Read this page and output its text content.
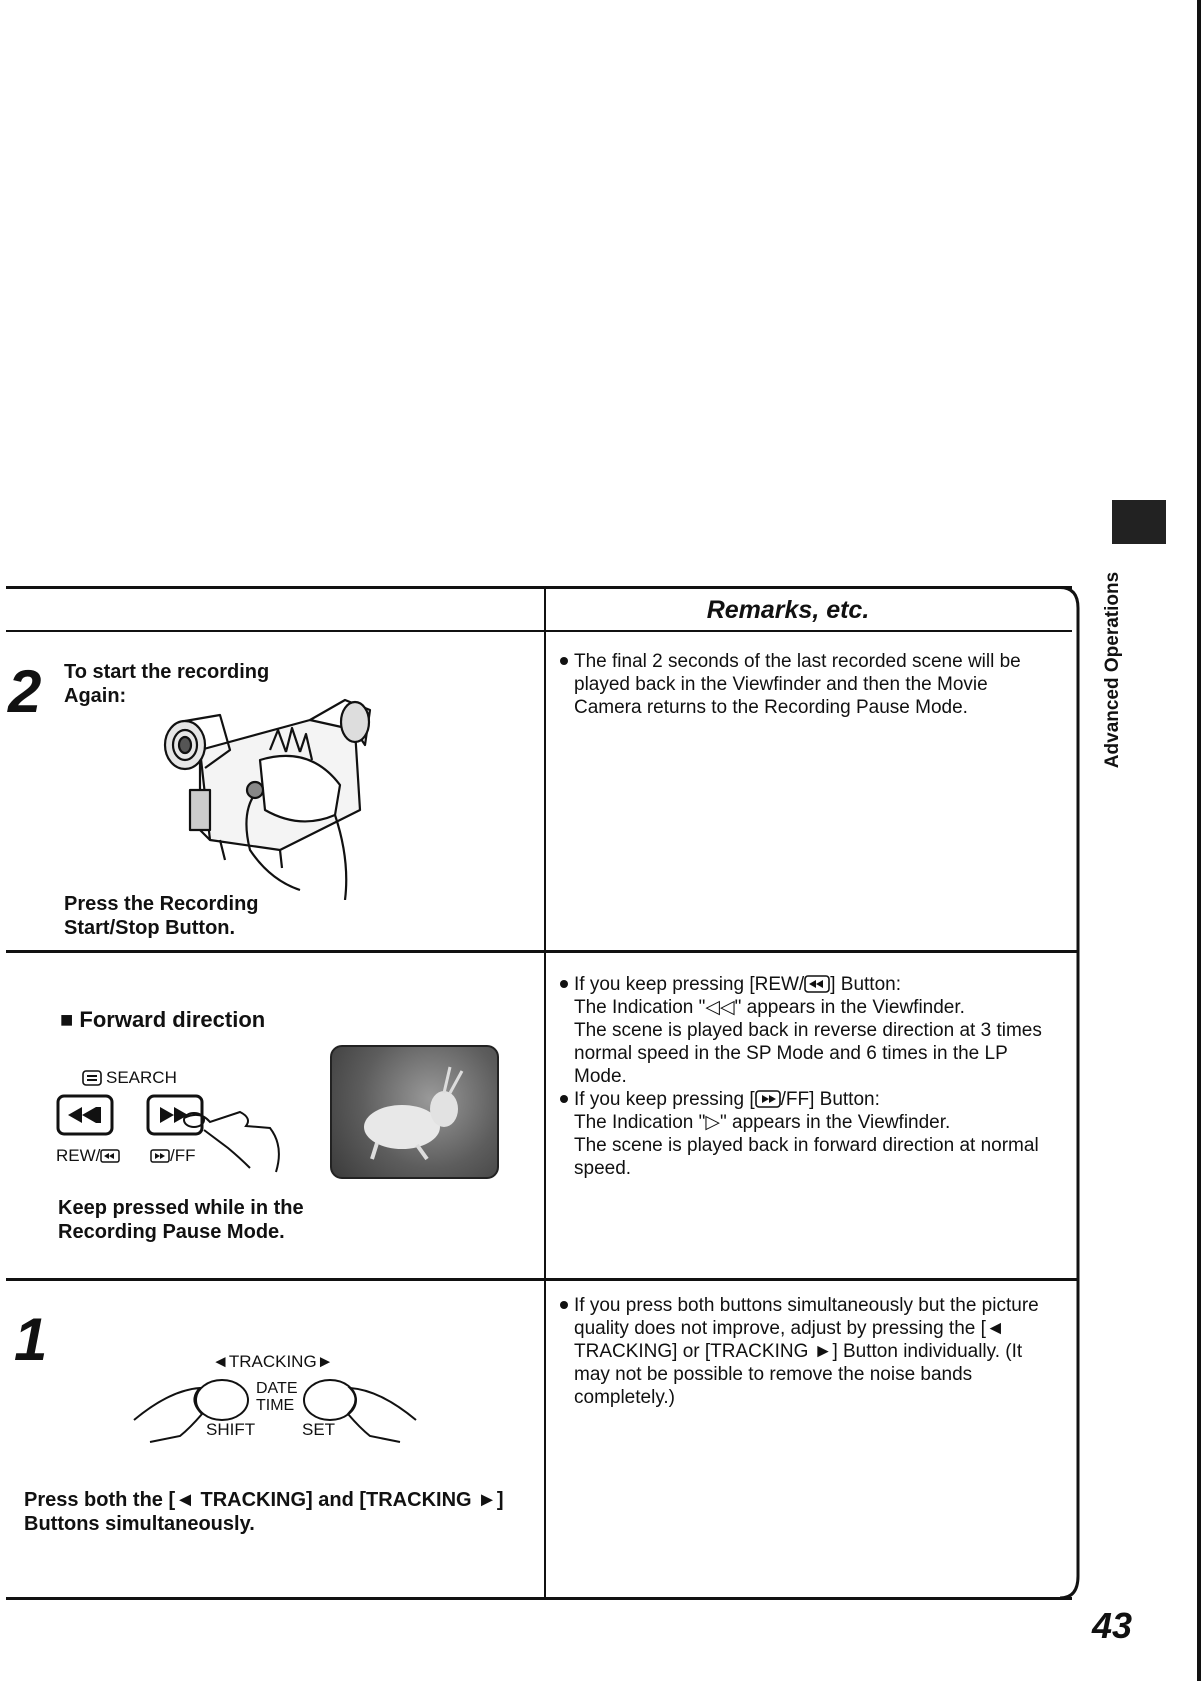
Advanced Operations
Remarks, etc.
2 To start the recording Again:
Press the Recording Start/Stop Button.
The final 2 seconds of the last recorded scene will be played back in the Viewfinder and then the Movie Camera returns to the Recording Pause Mode.
■ Forward direction
SEARCH
REW/	/FF
Keep pressed while in the Recording Pause Mode.
If you keep pressing [REW/ ] Button:
The Indication "◁◁" appears in the Viewfinder.
The scene is played back in reverse direction at 3 times normal speed in the SP Mode and 6 times in the LP Mode.
If you keep pressing [ /FF] Button:
The Indication "▷" appears in the Viewfinder.
The scene is played back in forward direction at normal speed.
1	◄TRACKING►
DATE
TIME
SHIFT	SET
Press both the [◄ TRACKING] and [TRACKING ►] Buttons simultaneously.
If you press both buttons simultaneously but the picture quality does not improve, adjust by pressing the [◄ TRACKING] or [TRACKING ►] Button individually. (It may not be possible to remove the noise bands completely.)
43
